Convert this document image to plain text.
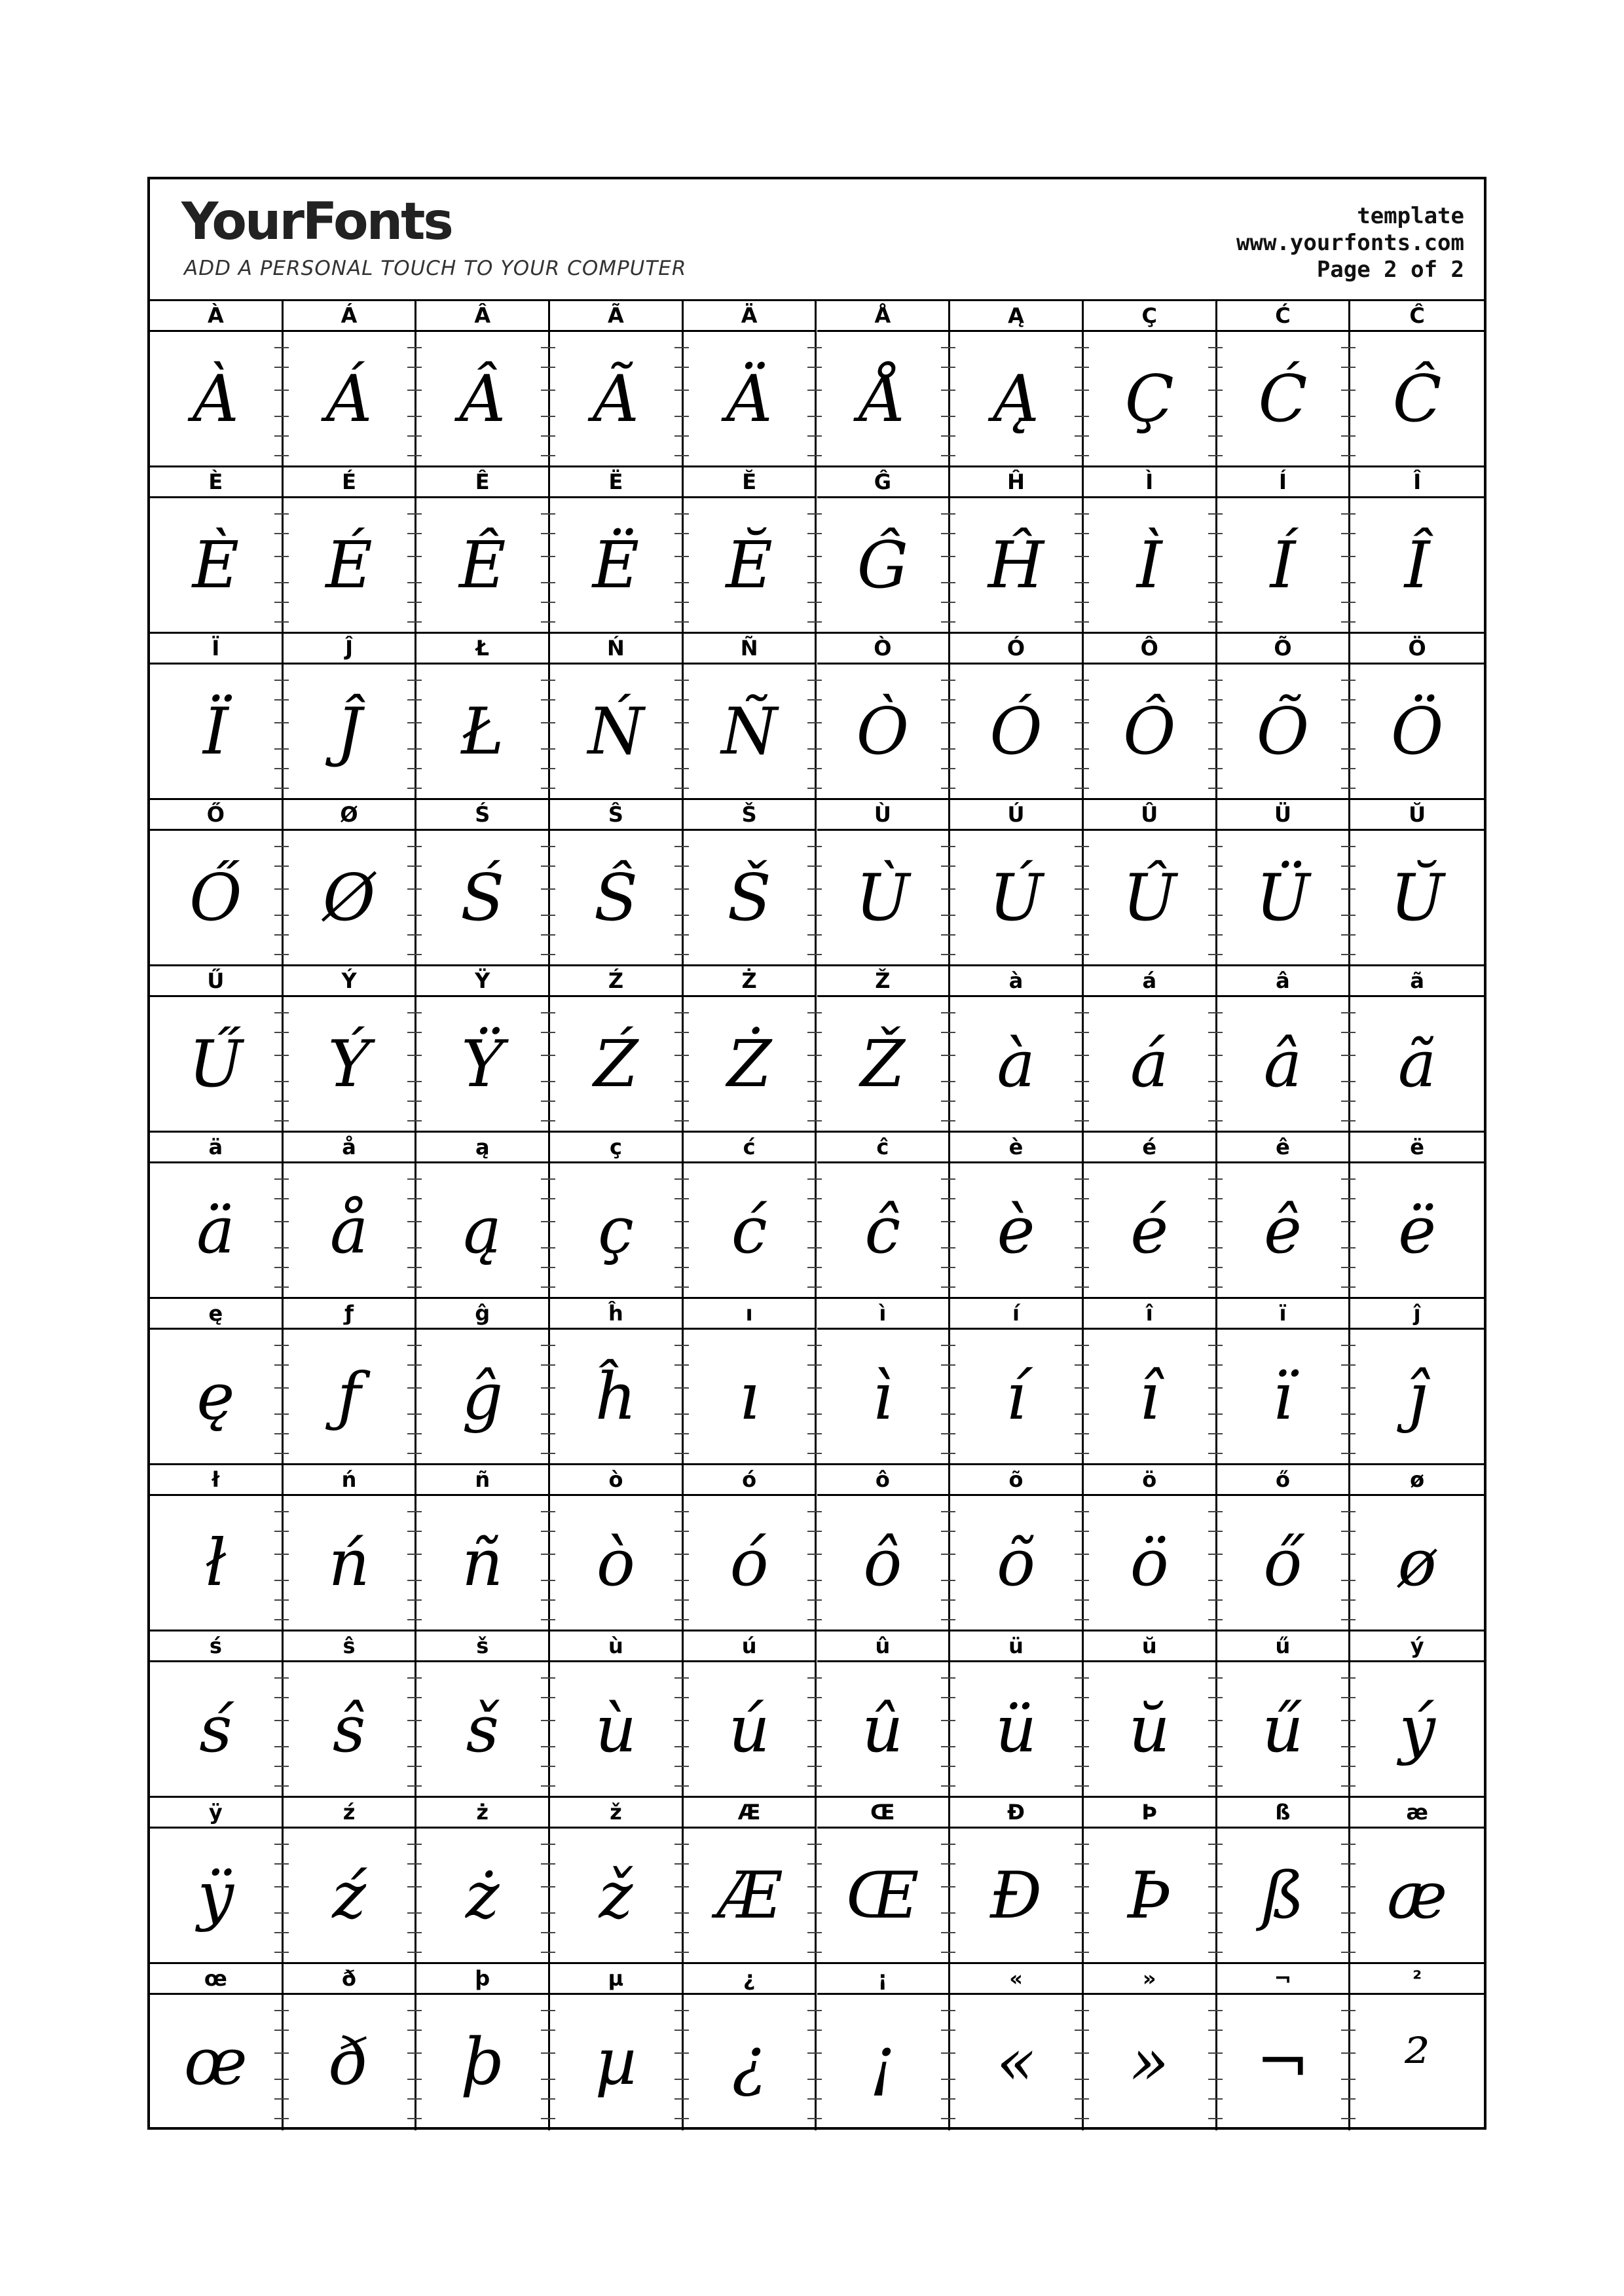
YourFonts
ADD A PERSONAL TOUCH TO YOUR COMPUTER
template
www.yourfonts.com
Page 2 of 2
À
À
Á
Á
Â
Â
Ã
Ã
Ä
Ä
Å
Å
Ą
Ą
Ç
Ç
Ć
Ć
Ĉ
Ĉ
È
È
É
É
Ê
Ê
Ë
Ë
Ĕ
Ĕ
Ĝ
Ĝ
Ĥ
Ĥ
Ì
Ì
Í
Í
Î
Î
Ï
Ï
Ĵ
Ĵ
Ł
Ł
Ń
Ń
Ñ
Ñ
Ò
Ò
Ó
Ó
Ô
Ô
Õ
Õ
Ö
Ö
Ő
Ő
Ø
Ø
Ś
Ś
Ŝ
Ŝ
Š
Š
Ù
Ù
Ú
Ú
Û
Û
Ü
Ü
Ŭ
Ŭ
Ű
Ű
Ý
Ý
Ÿ
Ÿ
Ź
Ź
Ż
Ż
Ž
Ž
à
à
á
á
â
â
ã
ã
ä
ä
å
å
ą
ą
ç
ç
ć
ć
ĉ
ĉ
è
è
é
é
ê
ê
ë
ë
ę
ę
ƒ
ƒ
ĝ
ĝ
ĥ
ĥ
ı
ı
ì
ì
í
í
î
î
ï
ï
ĵ
ĵ
ł
ł
ń
ń
ñ
ñ
ò
ò
ó
ó
ô
ô
õ
õ
ö
ö
ő
ő
ø
ø
ś
ś
ŝ
ŝ
š
š
ù
ù
ú
ú
û
û
ü
ü
ŭ
ŭ
ű
ű
ý
ý
ÿ
ÿ
ź
ź
ż
ż
ž
ž
Æ
Æ
Œ
Œ
Đ
Đ
Þ
Þ
ß
ß
æ
æ
œ
œ
ð
ð
þ
þ
µ
µ
¿
¿
¡
¡
«
«
»
»
¬
¬
²
²
